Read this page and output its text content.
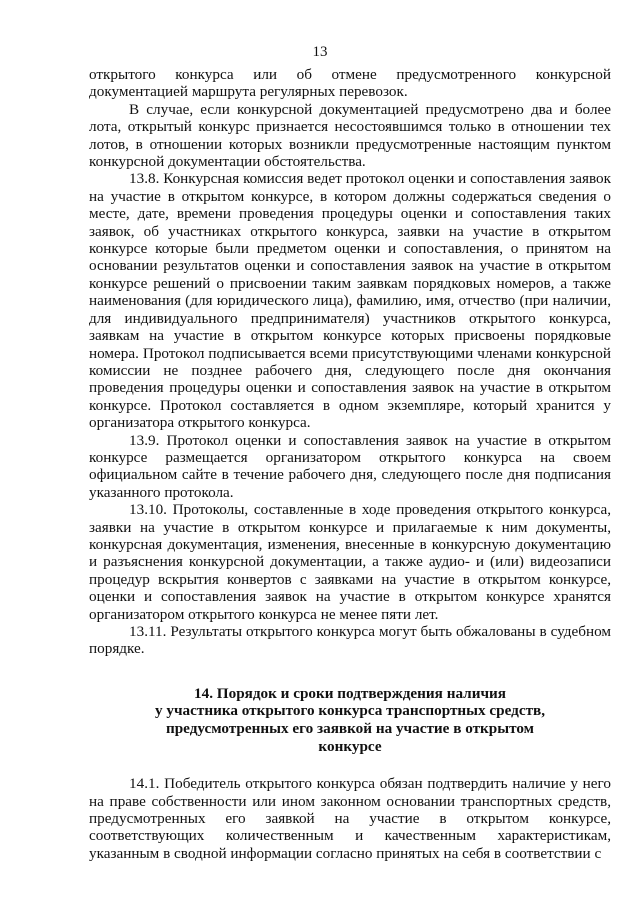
13

открытого конкурса или об отмене предусмотренного конкурсной документацией маршрута регулярных перевозок.

В случае, если конкурсной документацией предусмотрено два и более лота, открытый конкурс признается несостоявшимся только в отношении тех лотов, в отношении которых возникли предусмотренные настоящим пунктом конкурсной документации обстоятельства.

13.8. Конкурсная комиссия ведет протокол оценки и сопоставления заявок на участие в открытом конкурсе, в котором должны содержаться сведения о месте, дате, времени проведения процедуры оценки и сопоставления таких заявок, об участниках открытого конкурса, заявки на участие в открытом конкурсе которые были предметом оценки и сопоставления, о принятом на основании результатов оценки и сопоставления заявок на участие в открытом конкурсе решений о присвоении таким заявкам порядковых номеров, а также наименования (для юридического лица), фамилию, имя, отчество (при наличии, для индивидуального предпринимателя) участников открытого конкурса, заявкам на участие в открытом конкурсе которых присвоены порядковые номера. Протокол подписывается всеми присутствующими членами конкурсной комиссии не позднее рабочего дня, следующего после дня окончания проведения процедуры оценки и сопоставления заявок на участие в открытом конкурсе. Протокол составляется в одном экземпляре, который хранится у организатора открытого конкурса.

13.9. Протокол оценки и сопоставления заявок на участие в открытом конкурсе размещается организатором открытого конкурса на своем официальном сайте в течение рабочего дня, следующего после дня подписания указанного протокола.

13.10. Протоколы, составленные в ходе проведения открытого конкурса, заявки на участие в открытом конкурсе и прилагаемые к ним документы, конкурсная документация, изменения, внесенные в конкурсную документацию и разъяснения конкурсной документации, а также аудио- и (или) видеозаписи процедур вскрытия конвертов с заявками на участие в открытом конкурсе, оценки и сопоставления заявок на участие в открытом конкурсе хранятся организатором открытого конкурса не менее пяти лет.

13.11. Результаты открытого конкурса могут быть обжалованы в судебном порядке.

14. Порядок и сроки подтверждения наличия
у участника открытого конкурса транспортных средств,
предусмотренных его заявкой на участие в открытом
конкурсе

14.1. Победитель открытого конкурса обязан подтвердить наличие у него на праве собственности или ином законном основании транспортных средств, предусмотренных его заявкой на участие в открытом конкурсе, соответствующих количественным и качественным характеристикам, указанным в сводной информации согласно принятых на себя в соответствии с
